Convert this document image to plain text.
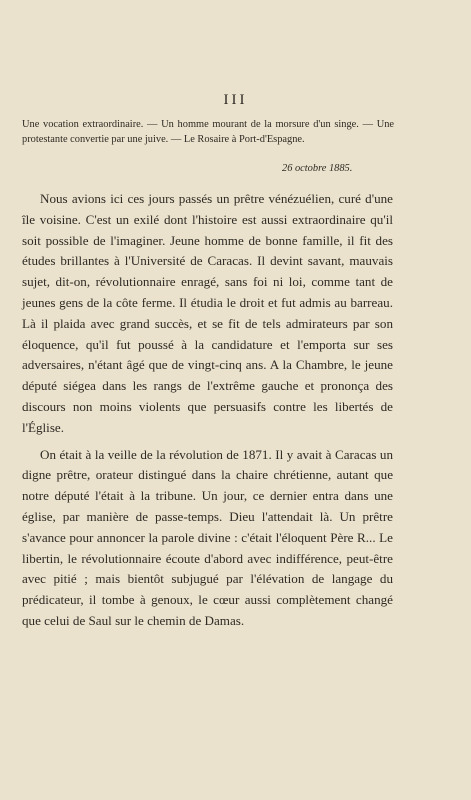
III
Une vocation extraordinaire. — Un homme mourant de la morsure d'un singe. — Une protestante convertie par une juive. — Le Rosaire à Port-d'Espagne.
26 octobre 1885.

Nous avions ici ces jours passés un prêtre vénézuélien, curé d'une île voisine. C'est un exilé dont l'histoire est aussi extraordinaire qu'il soit possible de l'imaginer. Jeune homme de bonne famille, il fit des études brillantes à l'Université de Caracas. Il devint savant, mauvais sujet, dit-on, révolutionnaire enragé, sans foi ni loi, comme tant de jeunes gens de la côte ferme. Il étudia le droit et fut admis au barreau. Là il plaida avec grand succès, et se fit de tels admirateurs par son éloquence, qu'il fut poussé à la candidature et l'emporta sur ses adversaires, n'étant âgé que de vingt-cinq ans. A la Chambre, le jeune député siégea dans les rangs de l'extrême gauche et prononça des discours non moins violents que persuasifs contre les libertés de l'Église.

On était à la veille de la révolution de 1871. Il y avait à Caracas un digne prêtre, orateur distingué dans la chaire chrétienne, autant que notre député l'était à la tribune. Un jour, ce dernier entra dans une église, par manière de passe-temps. Dieu l'attendait là. Un prêtre s'avance pour annoncer la parole divine : c'était l'éloquent Père R... Le libertin, le révolutionnaire écoute d'abord avec indifférence, peut-être avec pitié ; mais bientôt subjugué par l'élévation de langage du prédicateur, il tombe à genoux, le cœur aussi complètement changé que celui de Saul sur le chemin de Damas.
